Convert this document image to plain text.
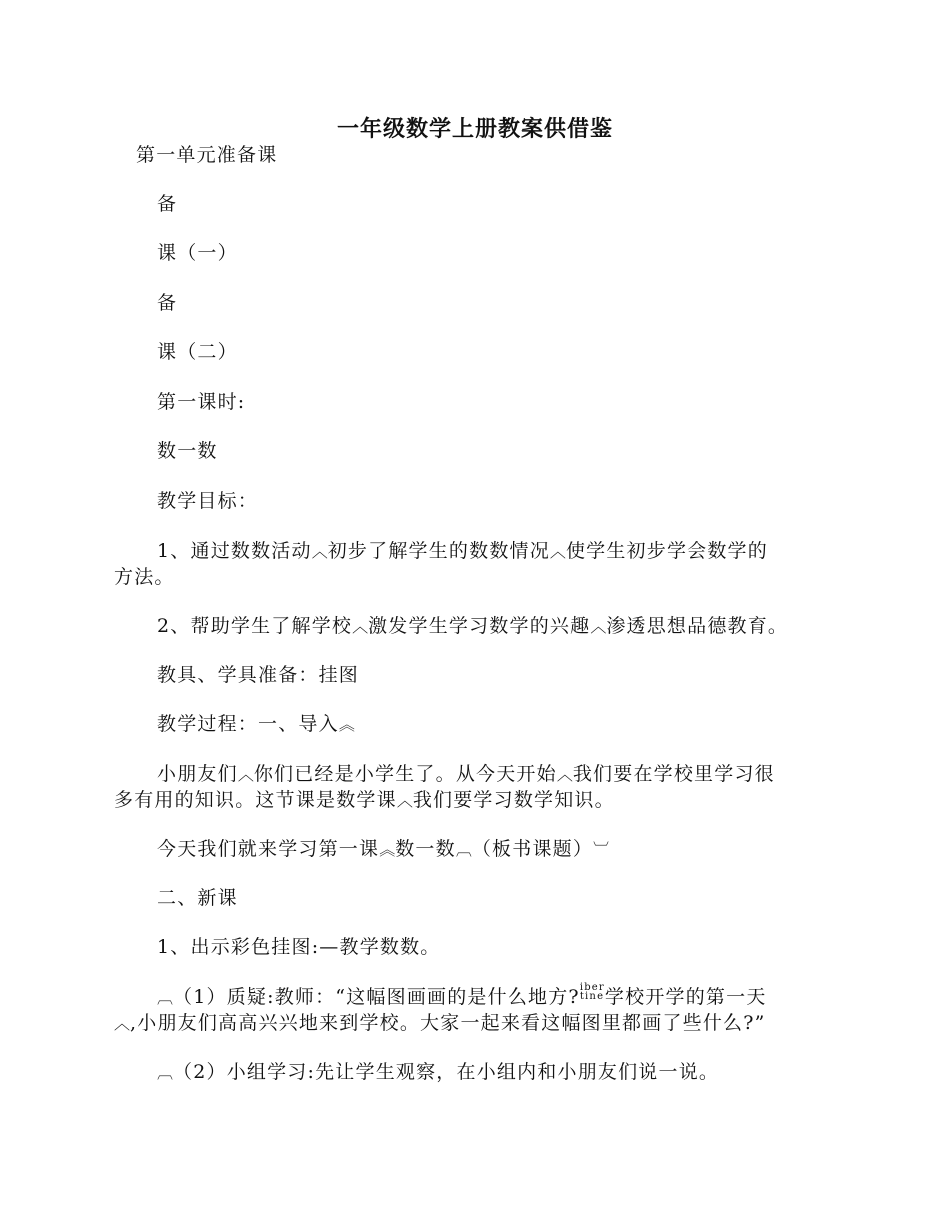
一年级数学上册教案供借鉴
第一单元准备课
备
课（一）
备
课（二）
第一课时:
数一数
教学目标：
1、通过数数活动︿初步了解学生的数数情况︿使学生初步学会数学的
方法。
2、帮助学生了解学校︿激发学生学习数学的兴趣︿渗透思想品德教育。
教具、学具准备：挂图
教学过程：一、导入︽
小朋友们︿你们已经是小学生了。从今天开始︿我们要在学校里学习很
多有用的知识。这节课是数学课︿我们要学习数学知识。
今天我们就来学习第一课︽数一数︹（板书课题）︺
二、新课
1、出示彩色挂图:—教学数数。
︹（1）质疑:教师：“这幅图画画的是什么地方?iber
tine学校开学的第一天
︿,小朋友们高高兴兴地来到学校。大家一起来看这幅图里都画了些什么?”
︹（2）小组学习:先让学生观察，在小组内和小朋友们说一说。
